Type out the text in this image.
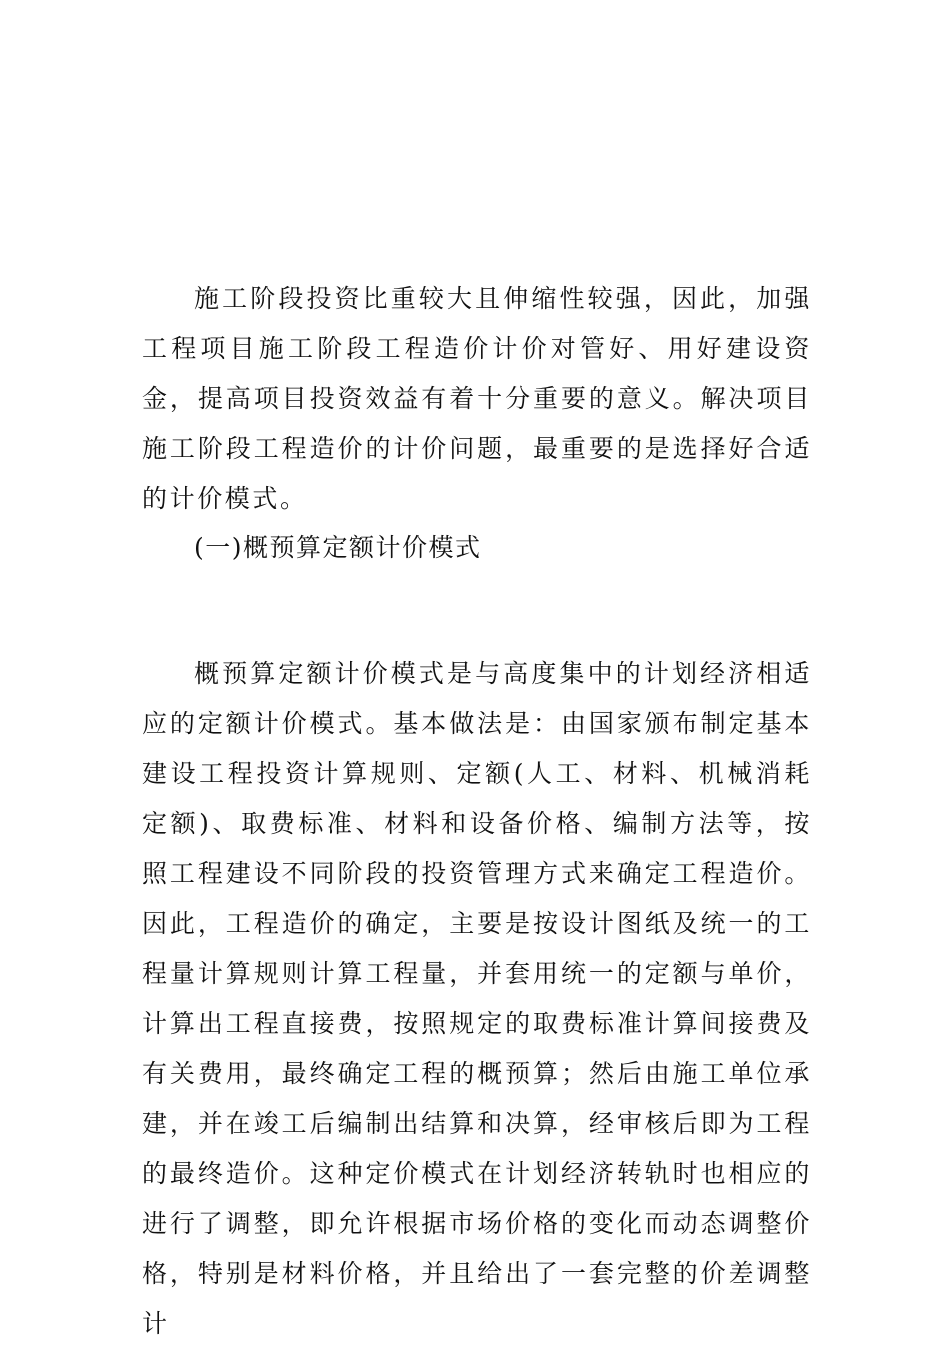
施工阶段投资比重较大且伸缩性较强，因此，加强工程项目施工阶段工程造价计价对管好、用好建设资金，提高项目投资效益有着十分重要的意义。解决项目施工阶段工程造价的计价问题，最重要的是选择好合适的计价模式。

(一)概预算定额计价模式

概预算定额计价模式是与高度集中的计划经济相适应的定额计价模式。基本做法是：由国家颁布制定基本建设工程投资计算规则、定额(人工、材料、机械消耗定额)、取费标准、材料和设备价格、编制方法等，按照工程建设不同阶段的投资管理方式来确定工程造价。因此，工程造价的确定，主要是按设计图纸及统一的工程量计算规则计算工程量，并套用统一的定额与单价，计算出工程直接费，按照规定的取费标准计算间接费及有关费用，最终确定工程的概预算；然后由施工单位承建，并在竣工后编制出结算和决算，经审核后即为工程的最终造价。这种定价模式在计划经济转轨时也相应的进行了调整，即允许根据市场价格的变化而动态调整价格，特别是材料价格，并且给出了一套完整的价差调整计
